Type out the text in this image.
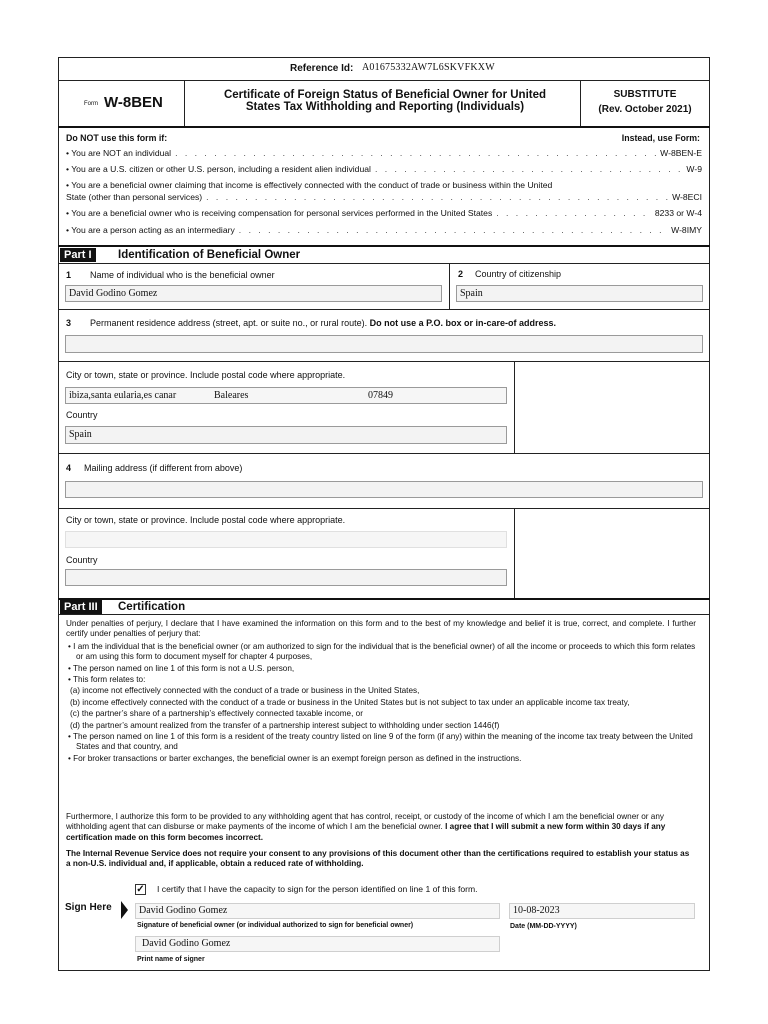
Reference Id: A01675332AW7L6SKVFKXW
Form W-8BEN	Certificate of Foreign Status of Beneficial Owner for United
States Tax Withholding and Reporting (Individuals)
SUBSTITUTE
(Rev. October 2021)
Do NOT use this form if:	Instead, use Form:
• You are NOT an individual . . .	W-8BEN-E
• You are a U.S. citizen or other U.S. person, including a resident alien individual . . .	W-9
• You are a beneficial owner claiming that income is effectively connected with the conduct of trade or business within the United
State (other than personal services) . . .	W-8ECI
• You are a beneficial owner who is receiving compensation for personal services performed in the United States . . .	8233 or W-4
• You are a person acting as an intermediary . . .	W-8IMY
Part I	Identification of Beneficial Owner
1 Name of individual who is the beneficial owner
David Godino Gomez
2 Country of citizenship
Spain
3 Permanent residence address (street, apt. or suite no., or rural route). Do not use a P.O. box or in-care-of address.
City or town, state or province. Include postal code where appropriate.
ibiza,santa eularia,es canar	Baleares	07849
Country
Spain
4 Mailing address (if different from above)
City or town, state or province. Include postal code where appropriate.
Country
Part III	Certification

Under penalties of perjury, I declare that I have examined the information on this form and to the best of my knowledge and belief it is true, correct, and complete. I further certify under penalties of perjury that:

• I am the individual that is the beneficial owner (or am authorized to sign for the individual that is the beneficial owner) of all the income or proceeds to which this form relates or am using this form to document myself for chapter 4 purposes,

• The person named on line 1 of this form is not a U.S. person,

• This form relates to:

(a) income not effectively connected with the conduct of a trade or business in the United States,

(b) income effectively connected with the conduct of a trade or business in the United States but is not subject to tax under an applicable income tax treaty,

(c) the partner’s share of a partnership’s effectively connected taxable income, or

(d) the partner’s amount realized from the transfer of a partnership interest subject to withholding under section 1446(f)

• The person named on line 1 of this form is a resident of the treaty country listed on line 9 of the form (if any) within the meaning of the income tax treaty between the United States and that country, and

• For broker transactions or barter exchanges, the beneficial owner is an exempt foreign person as defined in the instructions.

Furthermore, I authorize this form to be provided to any withholding agent that has control, receipt, or custody of the income of which I am the beneficial owner or any withholding agent that can disburse or make payments of the income of which I am the beneficial owner. I agree that I will submit a new form within 30 days if any certification made on this form becomes incorrect.
The Internal Revenue Service does not require your consent to any provisions of this document other than the certifications required to establish your status as a non-U.S. individual and, if applicable, obtain a reduced rate of withholding.
✓ I certify that I have the capacity to sign for the person identified on line 1 of this form.
Sign Here	David Godino Gomez
Signature of beneficial owner (or individual authorized to sign for beneficial owner)
10-08-2023
Date (MM-DD-YYYY)
David Godino Gomez
Print name of signer
